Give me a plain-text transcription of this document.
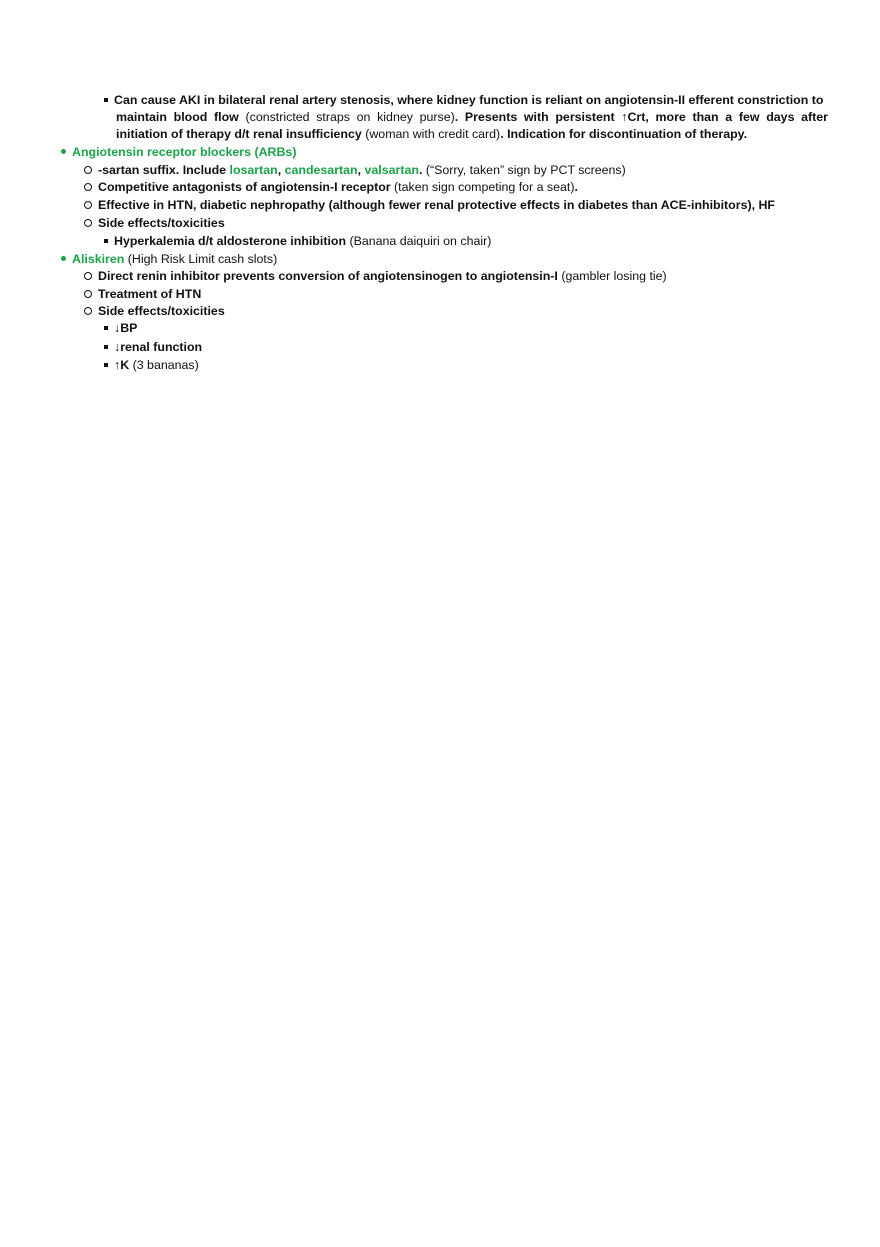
Can cause AKI in bilateral renal artery stenosis, where kidney function is reliant on angiotensin-II efferent constriction to
maintain blood flow (constricted straps on kidney purse). Presents with persistent ↑Crt, more than a few days after
initiation of therapy d/t renal insufficiency (woman with credit card). Indication for discontinuation of therapy.
Angiotensin receptor blockers (ARBs)
-sartan suffix. Include losartan, candesartan, valsartan. (“Sorry, taken” sign by PCT screens)
Competitive antagonists of angiotensin-I receptor (taken sign competing for a seat).
Effective in HTN, diabetic nephropathy (although fewer renal protective effects in diabetes than ACE-inhibitors), HF
Side effects/toxicities
Hyperkalemia d/t aldosterone inhibition (Banana daiquiri on chair)
Aliskiren (High Risk Limit cash slots)
Direct renin inhibitor prevents conversion of angiotensinogen to angiotensin-I (gambler losing tie)
Treatment of HTN
Side effects/toxicities
↓BP
↓renal function
↑K (3 bananas)
